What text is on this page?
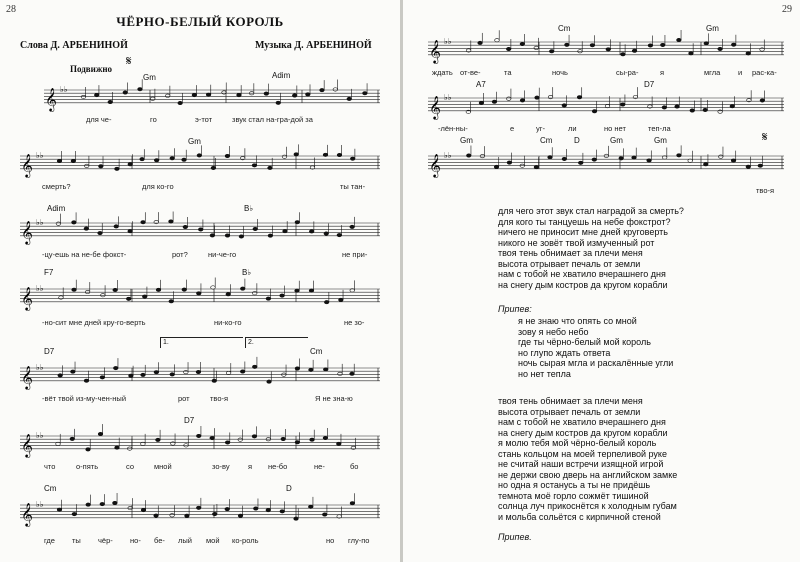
28
ЧЁРНО-БЕЛЫЙ КОРОЛЬ
Слова Д. АРБЕНИНОЙ	Музыка Д. АРБЕНИНОЙ
Подвижно 𝄋
Gm	Adim
𝄞 ♭♭
для че-	го	э-тот	звук стал на-гра-дой за
Gm
𝄞 ♭♭
смерть?	для ко-го	ты тан-
Adim	B♭
𝄞 ♭♭
-цу-ешь на не-бе фокст-	рот?	ни-че-го	не при-
F7	B♭
𝄞 ♭♭
-но-сит мне дней кру-го-верть	ни-ко-го	не зо-
1.	2.
D7	Cm
𝄞 ♭♭
-вёт твой из-му-чен-ный	рот	тво-я	Я не зна-ю
D7
𝄞 ♭♭
что	о-пять	со	мной	зо-ву я не-бо	не-	бо
Cm	D
𝄞 ♭♭
где ты чёр- но- бе- лый мой ко-роль	но глу-по
29
Cm	Gm
𝄞 ♭♭
ждать от-ве-	та	ночь	сы-ра-	я	мгла и рас-ка-
A7	D7
𝄞 ♭♭
-лён-ны-	е	уг-	ли	но нет	теп-ла
Gm	Cm	D	Gm	Gm	𝄋
𝄞 ♭♭
тво-я

для чего этот звук стал наградой за смерть?

для кого ты танцуешь на небе фокстрот?

ничего не приносит мне дней круговерть

никого не зовёт твой измученный рот

твоя тень обнимает за плечи меня

высота отрывает печаль от земли

нам с тобой не хватило вчерашнего дня

на снегу дым костров да кругом корабли

Припев:

я не знаю что опять со мной

зову я небо небо

где ты чёрно-белый мой король

но глупо ждать ответа

ночь сырая мгла и раскалённые угли

но нет тепла

твоя тень обнимает за плечи меня

высота отрывает печаль от земли

нам с тобой не хватило вчерашнего дня

на снегу дым костров да кругом корабли

я молю тебя мой чёрно-белый король

стань кольцом на моей терпеливой руке

не считай наши встречи изящной игрой

не держи свою дверь на английском замке

но одна я останусь а ты не придёшь

темнота моё горло сожмёт тишиной

солнца луч прикоснётся к холодным губам

и мольба сольётся с кирпичной стеной

Припев.
